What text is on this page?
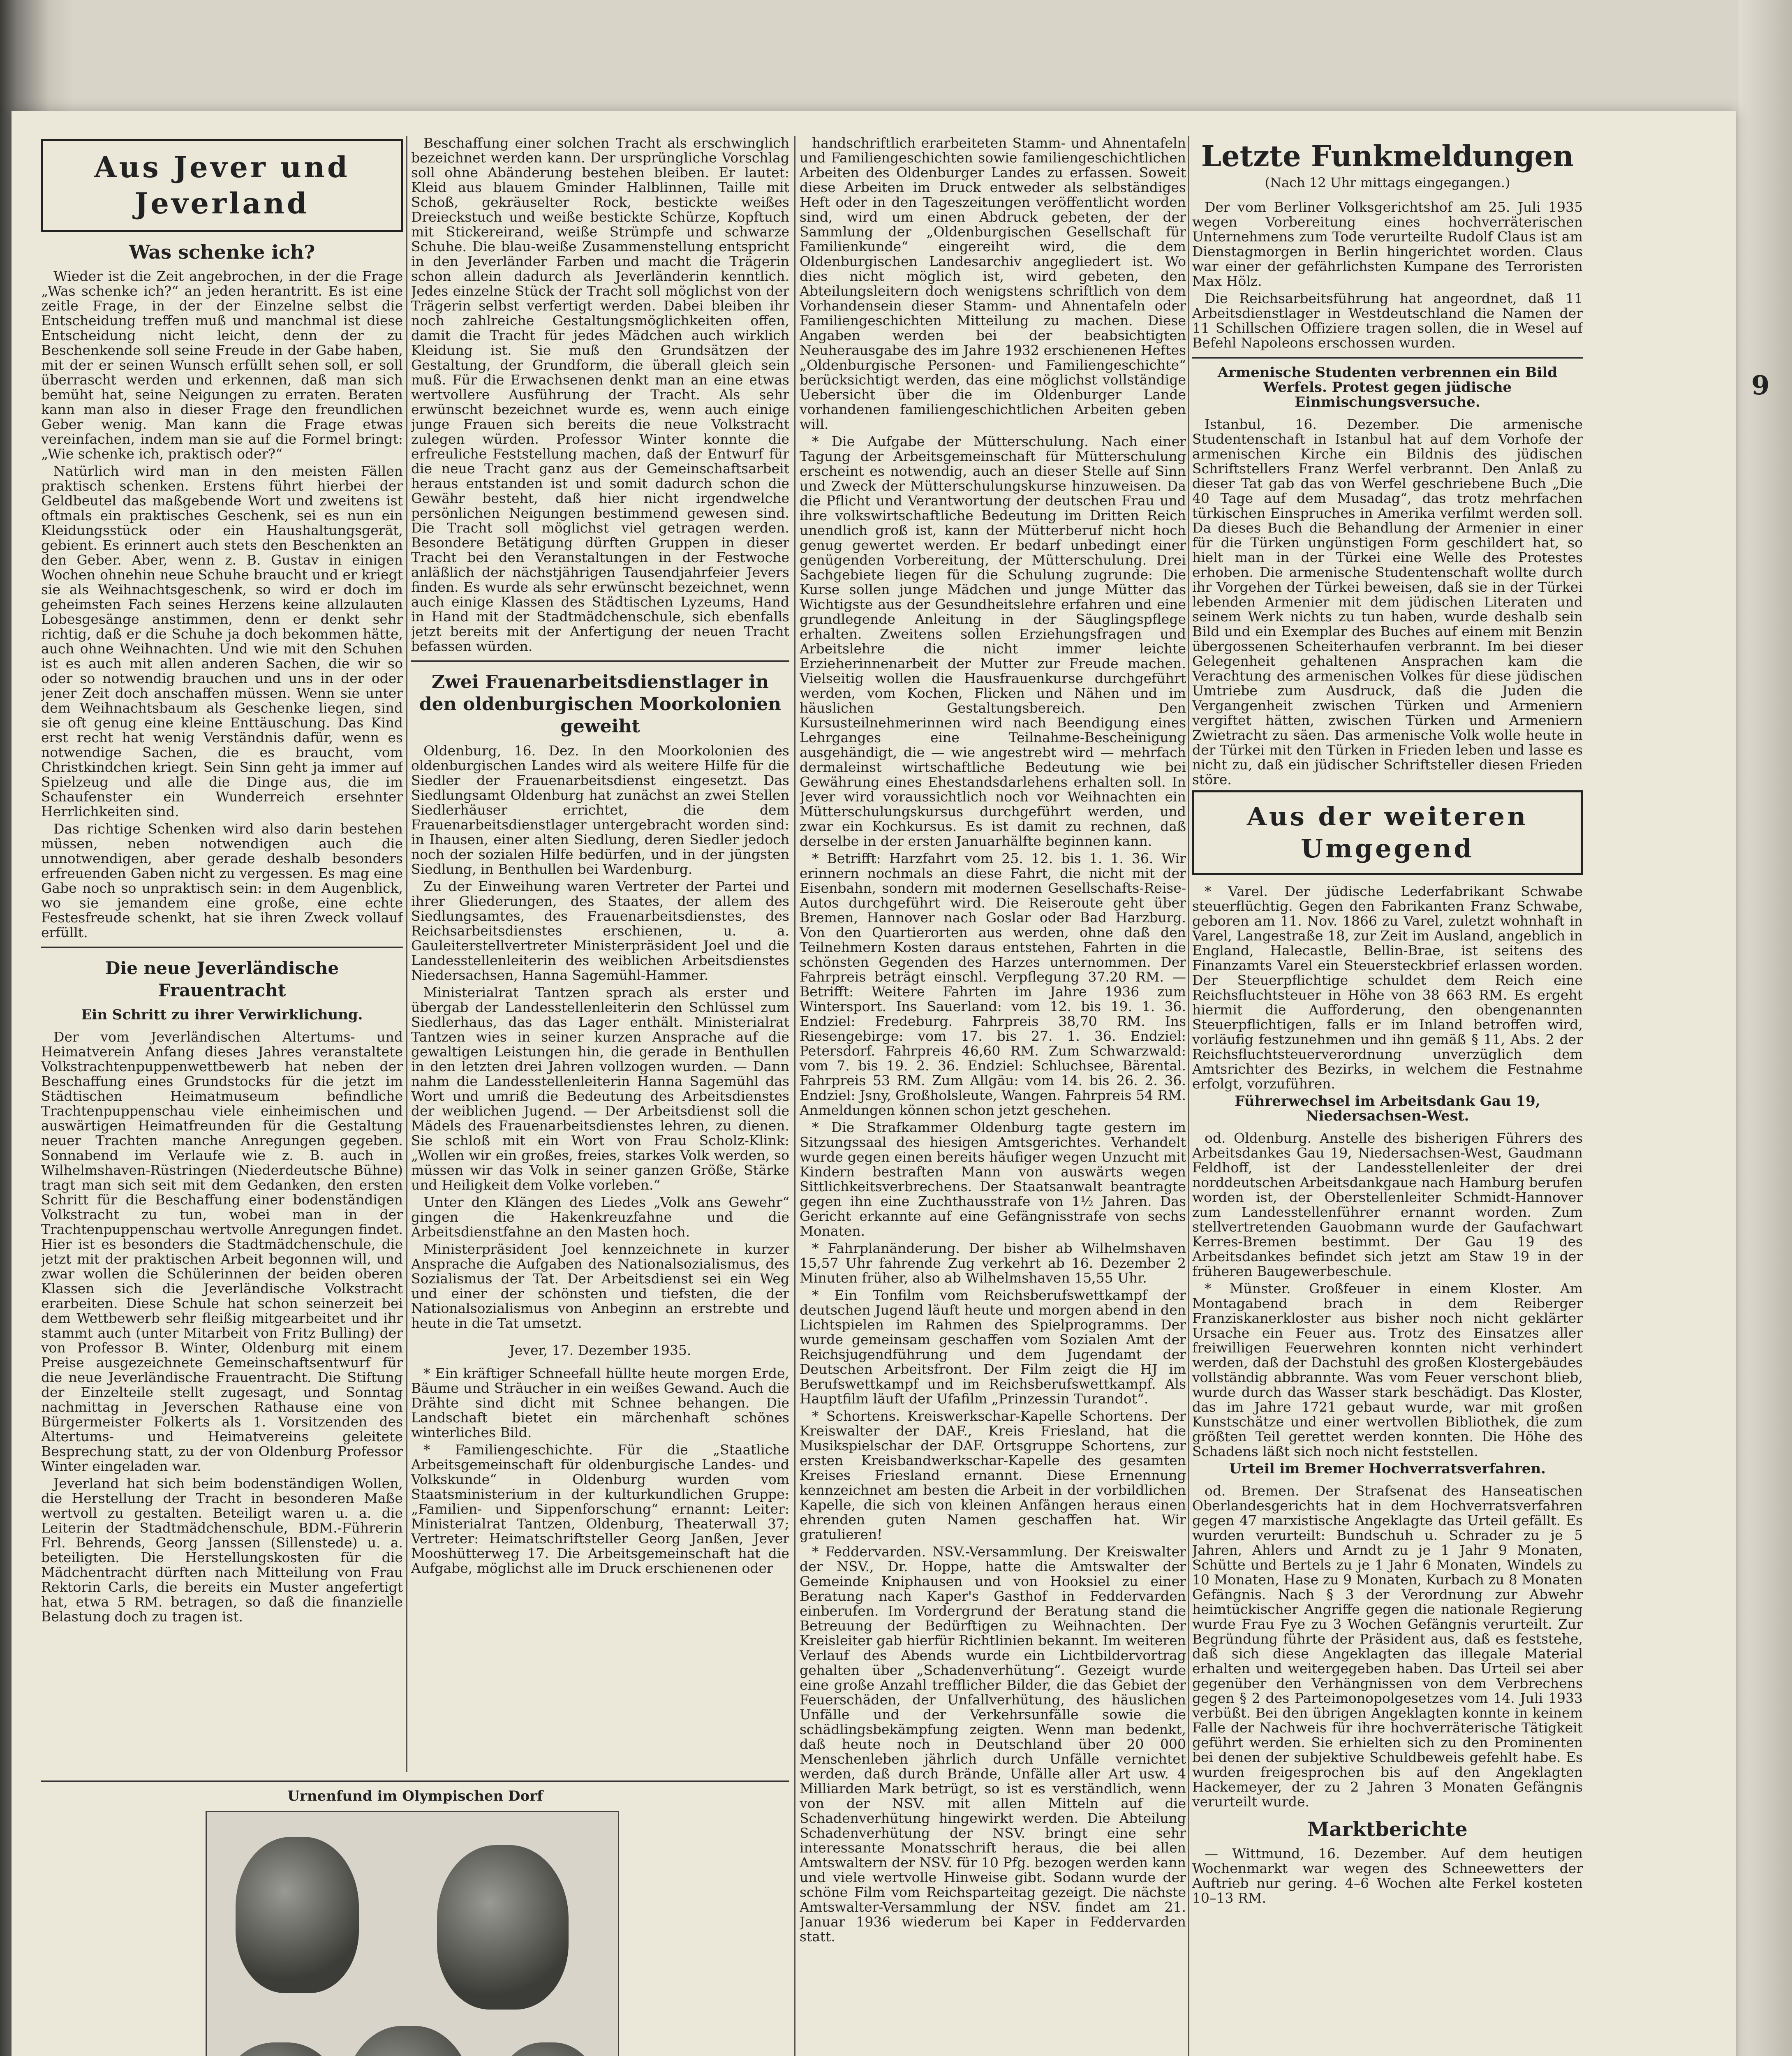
9
Aus Jever und Jeverland
Was schenke ich?

Wieder ist die Zeit angebrochen, in der die Frage „Was schenke ich?“ an jeden herantritt. Es ist eine zeitle Frage, in der der Einzelne selbst die Entscheidung treffen muß und manchmal ist diese Entscheidung nicht leicht, denn der zu Beschenkende soll seine Freude in der Gabe haben, mit der er seinen Wunsch erfüllt sehen soll, er soll überrascht werden und erkennen, daß man sich bemüht hat, seine Neigungen zu erraten. Beraten kann man also in dieser Frage den freundlichen Geber wenig. Man kann die Frage etwas vereinfachen, indem man sie auf die Formel bringt: „Wie schenke ich, praktisch oder?“

Natürlich wird man in den meisten Fällen praktisch schenken. Erstens führt hierbei der Geldbeutel das maßgebende Wort und zweitens ist oftmals ein praktisches Geschenk, sei es nun ein Kleidungsstück oder ein Haushaltungsgerät, gebient. Es erinnert auch stets den Beschenkten an den Geber. Aber, wenn z. B. Gustav in einigen Wochen ohnehin neue Schuhe braucht und er kriegt sie als Weihnachtsgeschenk, so wird er doch im geheimsten Fach seines Herzens keine allzulauten Lobesgesänge anstimmen, denn er denkt sehr richtig, daß er die Schuhe ja doch bekommen hätte, auch ohne Weihnachten. Und wie mit den Schuhen ist es auch mit allen anderen Sachen, die wir so oder so notwendig brauchen und uns in der oder jener Zeit doch anschaffen müssen. Wenn sie unter dem Weihnachtsbaum als Geschenke liegen, sind sie oft genug eine kleine Enttäuschung. Das Kind erst recht hat wenig Verständnis dafür, wenn es notwendige Sachen, die es braucht, vom Christkindchen kriegt. Sein Sinn geht ja immer auf Spielzeug und alle die Dinge aus, die im Schaufenster ein Wunderreich ersehnter Herrlichkeiten sind.

Das richtige Schenken wird also darin bestehen müssen, neben notwendigen auch die unnotwendigen, aber gerade deshalb besonders erfreuenden Gaben nicht zu vergessen. Es mag eine Gabe noch so unpraktisch sein: in dem Augenblick, wo sie jemandem eine große, eine echte Festesfreude schenkt, hat sie ihren Zweck vollauf erfüllt.

Die neue Jeverländische Frauentracht
Ein Schritt zu ihrer Verwirklichung.

Der vom Jeverländischen Altertums- und Heimatverein Anfang dieses Jahres veranstaltete Volkstrachtenpuppenwettbewerb hat neben der Beschaffung eines Grundstocks für die jetzt im Städtischen Heimatmuseum befindliche Trachtenpuppenschau viele einheimischen und auswärtigen Heimatfreunden für die Gestaltung neuer Trachten manche Anregungen gegeben. Sonnabend im Verlaufe wie z. B. auch in Wilhelmshaven-Rüstringen (Niederdeutsche Bühne) tragt man sich seit mit dem Gedanken, den ersten Schritt für die Beschaffung einer bodenständigen Volkstracht zu tun, wobei man in der Trachtenpuppenschau wertvolle Anregungen findet. Hier ist es besonders die Stadtmädchenschule, die jetzt mit der praktischen Arbeit begonnen will, und zwar wollen die Schülerinnen der beiden oberen Klassen sich die Jeverländische Volkstracht erarbeiten. Diese Schule hat schon seinerzeit bei dem Wettbewerb sehr fleißig mitgearbeitet und ihr stammt auch (unter Mitarbeit von Fritz Bulling) der von Professor B. Winter, Oldenburg mit einem Preise ausgezeichnete Gemeinschaftsentwurf für die neue Jeverländische Frauentracht. Die Stiftung der Einzelteile stellt zugesagt, und Sonntag nachmittag in Jeverschen Rathause eine von Bürgermeister Folkerts als 1. Vorsitzenden des Altertums- und Heimatvereins geleitete Besprechung statt, zu der von Oldenburg Professor Winter eingeladen war.

Jeverland hat sich beim bodenständigen Wollen, die Herstellung der Tracht in besonderen Maße wertvoll zu gestalten. Beteiligt waren u. a. die Leiterin der Stadtmädchenschule, BDM.-Führerin Frl. Behrends, Georg Janssen (Sillenstede) u. a. beteiligten. Die Herstellungskosten für die Mädchentracht dürften nach Mitteilung von Frau Rektorin Carls, die bereits ein Muster angefertigt hat, etwa 5 RM. betragen, so daß die finanzielle Belastung doch zu tragen ist.

Beschaffung einer solchen Tracht als erschwinglich bezeichnet werden kann. Der ursprüngliche Vorschlag soll ohne Abänderung bestehen bleiben. Er lautet: Kleid aus blauem Gminder Halblinnen, Taille mit Schoß, gekräuselter Rock, bestickte weißes Dreieckstuch und weiße bestickte Schürze, Kopftuch mit Stickereirand, weiße Strümpfe und schwarze Schuhe. Die blau-weiße Zusammenstellung entspricht in den Jeverländer Farben und macht die Trägerin schon allein dadurch als Jeverländerin kenntlich. Jedes einzelne Stück der Tracht soll möglichst von der Trägerin selbst verfertigt werden. Dabei bleiben ihr noch zahlreiche Gestaltungsmöglichkeiten offen, damit die Tracht für jedes Mädchen auch wirklich Kleidung ist. Sie muß den Grundsätzen der Gestaltung, der Grundform, die überall gleich sein muß. Für die Erwachsenen denkt man an eine etwas wertvollere Ausführung der Tracht. Als sehr erwünscht bezeichnet wurde es, wenn auch einige junge Frauen sich bereits die neue Volkstracht zulegen würden. Professor Winter konnte die erfreuliche Feststellung machen, daß der Entwurf für die neue Tracht ganz aus der Gemeinschaftsarbeit heraus entstanden ist und somit dadurch schon die Gewähr besteht, daß hier nicht irgendwelche persönlichen Neigungen bestimmend gewesen sind. Die Tracht soll möglichst viel getragen werden. Besondere Betätigung dürften Gruppen in dieser Tracht bei den Veranstaltungen in der Festwoche anläßlich der nächstjährigen Tausendjahrfeier Jevers finden. Es wurde als sehr erwünscht bezeichnet, wenn auch einige Klassen des Städtischen Lyzeums, Hand in Hand mit der Stadtmädchenschule, sich ebenfalls jetzt bereits mit der Anfertigung der neuen Tracht befassen würden.

Zwei Frauenarbeitsdienstlager in den oldenburgischen Moorkolonien geweiht

Oldenburg, 16. Dez. In den Moorkolonien des oldenburgischen Landes wird als weitere Hilfe für die Siedler der Frauenarbeitsdienst eingesetzt. Das Siedlungsamt Oldenburg hat zunächst an zwei Stellen Siedlerhäuser errichtet, die dem Frauenarbeitsdienstlager untergebracht worden sind: in Ihausen, einer alten Siedlung, deren Siedler jedoch noch der sozialen Hilfe bedürfen, und in der jüngsten Siedlung, in Benthullen bei Wardenburg.

Zu der Einweihung waren Vertreter der Partei und ihrer Gliederungen, des Staates, der allem des Siedlungsamtes, des Frauenarbeitsdienstes, des Reichsarbeitsdienstes erschienen, u. a. Gauleiterstellvertreter Ministerpräsident Joel und die Landesstellenleiterin des weiblichen Arbeitsdienstes Niedersachsen, Hanna Sagemühl-Hammer.

Ministerialrat Tantzen sprach als erster und übergab der Landesstellenleiterin den Schlüssel zum Siedlerhaus, das das Lager enthält. Ministerialrat Tantzen wies in seiner kurzen Ansprache auf die gewaltigen Leistungen hin, die gerade in Benthullen in den letzten drei Jahren vollzogen wurden. — Dann nahm die Landesstellenleiterin Hanna Sagemühl das Wort und umriß die Bedeutung des Arbeitsdienstes der weiblichen Jugend. — Der Arbeitsdienst soll die Mädels des Frauenarbeitsdienstes lehren, zu dienen. Sie schloß mit ein Wort von Frau Scholz-Klink: „Wollen wir ein großes, freies, starkes Volk werden, so müssen wir das Volk in seiner ganzen Größe, Stärke und Heiligkeit dem Volke vorleben.“

Unter den Klängen des Liedes „Volk ans Gewehr“ gingen die Hakenkreuzfahne und die Arbeitsdienstfahne an den Masten hoch.

Ministerpräsident Joel kennzeichnete in kurzer Ansprache die Aufgaben des Nationalsozialismus, des Sozialismus der Tat. Der Arbeitsdienst sei ein Weg und einer der schönsten und tiefsten, die der Nationalsozialismus von Anbeginn an erstrebte und heute in die Tat umsetzt.

Jever, 17. Dezember 1935.

* Ein kräftiger Schneefall hüllte heute morgen Erde, Bäume und Sträucher in ein weißes Gewand. Auch die Drähte sind dicht mit Schnee behangen. Die Landschaft bietet ein märchenhaft schönes winterliches Bild.

* Familiengeschichte. Für die „Staatliche Arbeitsgemeinschaft für oldenburgische Landes- und Volkskunde“ in Oldenburg wurden vom Staatsministerium in der kulturkundlichen Gruppe: „Familien- und Sippenforschung“ ernannt: Leiter: Ministerialrat Tantzen, Oldenburg, Theaterwall 37; Vertreter: Heimatschriftsteller Georg Janßen, Jever Mooshütterweg 17. Die Arbeitsgemeinschaft hat die Aufgabe, möglichst alle im Druck erschienenen oder

Urnenfund im Olympischen Dorf

handschriftlich erarbeiteten Stamm- und Ahnentafeln und Familiengeschichten sowie familiengeschichtlichen Arbeiten des Oldenburger Landes zu erfassen. Soweit diese Arbeiten im Druck entweder als selbständiges Heft oder in den Tageszeitungen veröffentlicht worden sind, wird um einen Abdruck gebeten, der der Sammlung der „Oldenburgischen Gesellschaft für Familienkunde“ eingereiht wird, die dem Oldenburgischen Landesarchiv angegliedert ist. Wo dies nicht möglich ist, wird gebeten, den Abteilungsleitern doch wenigstens schriftlich von dem Vorhandensein dieser Stamm- und Ahnentafeln oder Familiengeschichten Mitteilung zu machen. Diese Angaben werden bei der beabsichtigten Neuherausgabe des im Jahre 1932 erschienenen Heftes „Oldenburgische Personen- und Familiengeschichte“ berücksichtigt werden, das eine möglichst vollständige Uebersicht über die im Oldenburger Lande vorhandenen familiengeschichtlichen Arbeiten geben will.

* Die Aufgabe der Mütterschulung. Nach einer Tagung der Arbeitsgemeinschaft für Mütterschulung erscheint es notwendig, auch an dieser Stelle auf Sinn und Zweck der Mütterschulungskurse hinzuweisen. Da die Pflicht und Verantwortung der deutschen Frau und ihre volkswirtschaftliche Bedeutung im Dritten Reich unendlich groß ist, kann der Mütterberuf nicht hoch genug gewertet werden. Er bedarf unbedingt einer genügenden Vorbereitung, der Mütterschulung. Drei Sachgebiete liegen für die Schulung zugrunde: Die Kurse sollen junge Mädchen und junge Mütter das Wichtigste aus der Gesundheitslehre erfahren und eine grundlegende Anleitung in der Säuglingspflege erhalten. Zweitens sollen Erziehungsfragen und Arbeitslehre die nicht immer leichte Erzieherinnenarbeit der Mutter zur Freude machen. Vielseitig wollen die Hausfrauenkurse durchgeführt werden, vom Kochen, Flicken und Nähen und im häuslichen Gestaltungsbereich. Den Kursusteilnehmerinnen wird nach Beendigung eines Lehrganges eine Teilnahme-Bescheinigung ausgehändigt, die — wie angestrebt wird — mehrfach dermaleinst wirtschaftliche Bedeutung wie bei Gewährung eines Ehestandsdarlehens erhalten soll. In Jever wird voraussichtlich noch vor Weihnachten ein Mütterschulungskursus durchgeführt werden, und zwar ein Kochkursus. Es ist damit zu rechnen, daß derselbe in der ersten Januarhälfte beginnen kann.

* Betrifft: Harzfahrt vom 25. 12. bis 1. 1. 36. Wir erinnern nochmals an diese Fahrt, die nicht mit der Eisenbahn, sondern mit modernen Gesellschafts-Reise-Autos durchgeführt wird. Die Reiseroute geht über Bremen, Hannover nach Goslar oder Bad Harzburg. Von den Quartierorten aus werden, ohne daß den Teilnehmern Kosten daraus entstehen, Fahrten in die schönsten Gegenden des Harzes unternommen. Der Fahrpreis beträgt einschl. Verpflegung 37.20 RM. — Betrifft: Weitere Fahrten im Jahre 1936 zum Wintersport. Ins Sauerland: vom 12. bis 19. 1. 36. Endziel: Fredeburg. Fahrpreis 38,70 RM. Ins Riesengebirge: vom 17. bis 27. 1. 36. Endziel: Petersdorf. Fahrpreis 46,60 RM. Zum Schwarzwald: vom 7. bis 19. 2. 36. Endziel: Schluchsee, Bärental. Fahrpreis 53 RM. Zum Allgäu: vom 14. bis 26. 2. 36. Endziel: Jsny, Großholsleute, Wangen. Fahrpreis 54 RM. Anmeldungen können schon jetzt geschehen.

* Die Strafkammer Oldenburg tagte gestern im Sitzungssaal des hiesigen Amtsgerichtes. Verhandelt wurde gegen einen bereits häufiger wegen Unzucht mit Kindern bestraften Mann von auswärts wegen Sittlichkeitsverbrechens. Der Staatsanwalt beantragte gegen ihn eine Zuchthausstrafe von 1½ Jahren. Das Gericht erkannte auf eine Gefängnisstrafe von sechs Monaten.

* Fahrplanänderung. Der bisher ab Wilhelmshaven 15,57 Uhr fahrende Zug verkehrt ab 16. Dezember 2 Minuten früher, also ab Wilhelmshaven 15,55 Uhr.

* Ein Tonfilm vom Reichsberufswettkampf der deutschen Jugend läuft heute und morgen abend in den Lichtspielen im Rahmen des Spielprogramms. Der wurde gemeinsam geschaffen vom Sozialen Amt der Reichsjugendführung und dem Jugendamt der Deutschen Arbeitsfront. Der Film zeigt die HJ im Berufswettkampf und im Reichsberufswettkampf. Als Hauptfilm läuft der Ufafilm „Prinzessin Turandot“.

* Schortens. Kreiswerkschar-Kapelle Schortens. Der Kreiswalter der DAF., Kreis Friesland, hat die Musikspielschar der DAF. Ortsgruppe Schortens, zur ersten Kreisbandwerkschar-Kapelle des gesamten Kreises Friesland ernannt. Diese Ernennung kennzeichnet am besten die Arbeit in der vorbildlichen Kapelle, die sich von kleinen Anfängen heraus einen ehrenden guten Namen geschaffen hat. Wir gratulieren!

* Feddervarden. NSV.-Versammlung. Der Kreiswalter der NSV., Dr. Hoppe, hatte die Amtswalter der Gemeinde Kniphausen und von Hooksiel zu einer Beratung nach Kaper's Gasthof in Feddervarden einberufen. Im Vordergrund der Beratung stand die Betreuung der Bedürftigen zu Weihnachten. Der Kreisleiter gab hierfür Richtlinien bekannt. Im weiteren Verlauf des Abends wurde ein Lichtbildervortrag gehalten über „Schadenverhütung“. Gezeigt wurde eine große Anzahl trefflicher Bilder, die das Gebiet der Feuerschäden, der Unfallverhütung, des häuslichen Unfälle und der Verkehrsunfälle sowie die schädlingsbekämpfung zeigten. Wenn man bedenkt, daß heute noch in Deutschland über 20 000 Menschenleben jährlich durch Unfälle vernichtet werden, daß durch Brände, Unfälle aller Art usw. 4 Milliarden Mark betrügt, so ist es verständlich, wenn von der NSV. mit allen Mitteln auf die Schadenverhütung hingewirkt werden. Die Abteilung Schadenverhütung der NSV. bringt eine sehr interessante Monatsschrift heraus, die bei allen Amtswaltern der NSV. für 10 Pfg. bezogen werden kann und viele wertvolle Hinweise gibt. Sodann wurde der schöne Film vom Reichsparteitag gezeigt. Die nächste Amtswalter-Versammlung der NSV. findet am 21. Januar 1936 wiederum bei Kaper in Feddervarden statt.

Letzte Funkmeldungen
(Nach 12 Uhr mittags eingegangen.)

Der vom Berliner Volksgerichtshof am 25. Juli 1935 wegen Vorbereitung eines hochverräterischen Unternehmens zum Tode verurteilte Rudolf Claus ist am Dienstagmorgen in Berlin hingerichtet worden. Claus war einer der gefährlichsten Kumpane des Terroristen Max Hölz.

Die Reichsarbeitsführung hat angeordnet, daß 11 Arbeitsdienstlager in Westdeutschland die Namen der 11 Schillschen Offiziere tragen sollen, die in Wesel auf Befehl Napoleons erschossen wurden.

Armenische Studenten verbrennen ein Bild Werfels. Protest gegen jüdische Einmischungsversuche.

Istanbul, 16. Dezember. Die armenische Studentenschaft in Istanbul hat auf dem Vorhofe der armenischen Kirche ein Bildnis des jüdischen Schriftstellers Franz Werfel verbrannt. Den Anlaß zu dieser Tat gab das von Werfel geschriebene Buch „Die 40 Tage auf dem Musadag“, das trotz mehrfachen türkischen Einspruches in Amerika verfilmt werden soll. Da dieses Buch die Behandlung der Armenier in einer für die Türken ungünstigen Form geschildert hat, so hielt man in der Türkei eine Welle des Protestes erhoben. Die armenische Studentenschaft wollte durch ihr Vorgehen der Türkei beweisen, daß sie in der Türkei lebenden Armenier mit dem jüdischen Literaten und seinem Werk nichts zu tun haben, wurde deshalb sein Bild und ein Exemplar des Buches auf einem mit Benzin übergossenen Scheiterhaufen verbrannt. Im bei dieser Gelegenheit gehaltenen Ansprachen kam die Verachtung des armenischen Volkes für diese jüdischen Umtriebe zum Ausdruck, daß die Juden die Vergangenheit zwischen Türken und Armeniern vergiftet hätten, zwischen Türken und Armeniern Zwietracht zu säen. Das armenische Volk wolle heute in der Türkei mit den Türken in Frieden leben und lasse es nicht zu, daß ein jüdischer Schriftsteller diesen Frieden störe.

Aus der weiteren Umgegend

* Varel. Der jüdische Lederfabrikant Schwabe steuerflüchtig. Gegen den Fabrikanten Franz Schwabe, geboren am 11. Nov. 1866 zu Varel, zuletzt wohnhaft in Varel, Langestraße 18, zur Zeit im Ausland, angeblich in England, Halecastle, Bellin-Brae, ist seitens des Finanzamts Varel ein Steuersteckbrief erlassen worden. Der Steuerpflichtige schuldet dem Reich eine Reichsfluchtsteuer in Höhe von 38 663 RM. Es ergeht hiermit die Aufforderung, den obengenannten Steuerpflichtigen, falls er im Inland betroffen wird, vorläufig festzunehmen und ihn gemäß § 11, Abs. 2 der Reichsfluchtsteuerverordnung unverzüglich dem Amtsrichter des Bezirks, in welchem die Festnahme erfolgt, vorzuführen.

Führerwechsel im Arbeitsdank Gau 19, Niedersachsen-West.

od. Oldenburg. Anstelle des bisherigen Führers des Arbeitsdankes Gau 19, Niedersachsen-West, Gaudmann Feldhoff, ist der Landesstellenleiter der drei norddeutschen Arbeitsdankgaue nach Hamburg berufen worden ist, der Oberstellenleiter Schmidt-Hannover zum Landesstellenführer ernannt worden. Zum stellvertretenden Gauobmann wurde der Gaufachwart Kerres-Bremen bestimmt. Der Gau 19 des Arbeitsdankes befindet sich jetzt am Staw 19 in der früheren Baugewerbeschule.

* Münster. Großfeuer in einem Kloster. Am Montagabend brach in dem Reiberger Franziskanerkloster aus bisher noch nicht geklärter Ursache ein Feuer aus. Trotz des Einsatzes aller freiwilligen Feuerwehren konnten nicht verhindert werden, daß der Dachstuhl des großen Klostergebäudes vollständig abbrannte. Was vom Feuer verschont blieb, wurde durch das Wasser stark beschädigt. Das Kloster, das im Jahre 1721 gebaut wurde, war mit großen Kunstschätze und einer wertvollen Bibliothek, die zum größten Teil gerettet werden konnten. Die Höhe des Schadens läßt sich noch nicht feststellen.

Urteil im Bremer Hochverratsverfahren.

od. Bremen. Der Strafsenat des Hanseatischen Oberlandesgerichts hat in dem Hochverratsverfahren gegen 47 marxistische Angeklagte das Urteil gefällt. Es wurden verurteilt: Bundschuh u. Schrader zu je 5 Jahren, Ahlers und Arndt zu je 1 Jahr 9 Monaten, Schütte und Bertels zu je 1 Jahr 6 Monaten, Windels zu 10 Monaten, Hase zu 9 Monaten, Kurbach zu 8 Monaten Gefängnis. Nach § 3 der Verordnung zur Abwehr heimtückischer Angriffe gegen die nationale Regierung wurde Frau Fye zu 3 Wochen Gefängnis verurteilt. Zur Begründung führte der Präsident aus, daß es feststehe, daß sich diese Angeklagten das illegale Material erhalten und weitergegeben haben. Das Urteil sei aber gegenüber den Verhängnissen von dem Verbrechens gegen § 2 des Parteimonopolgesetzes vom 14. Juli 1933 verbüßt. Bei den übrigen Angeklagten konnte in keinem Falle der Nachweis für ihre hochverräterische Tätigkeit geführt werden. Sie erhielten sich zu den Prominenten bei denen der subjektive Schuldbeweis gefehlt habe. Es wurden freigesprochen bis auf den Angeklagten Hackemeyer, der zu 2 Jahren 3 Monaten Gefängnis verurteilt wurde.

Marktberichte

— Wittmund, 16. Dezember. Auf dem heutigen Wochenmarkt war wegen des Schneewetters der Auftrieb nur gering. 4–6 Wochen alte Ferkel kosteten 10–13 RM.
